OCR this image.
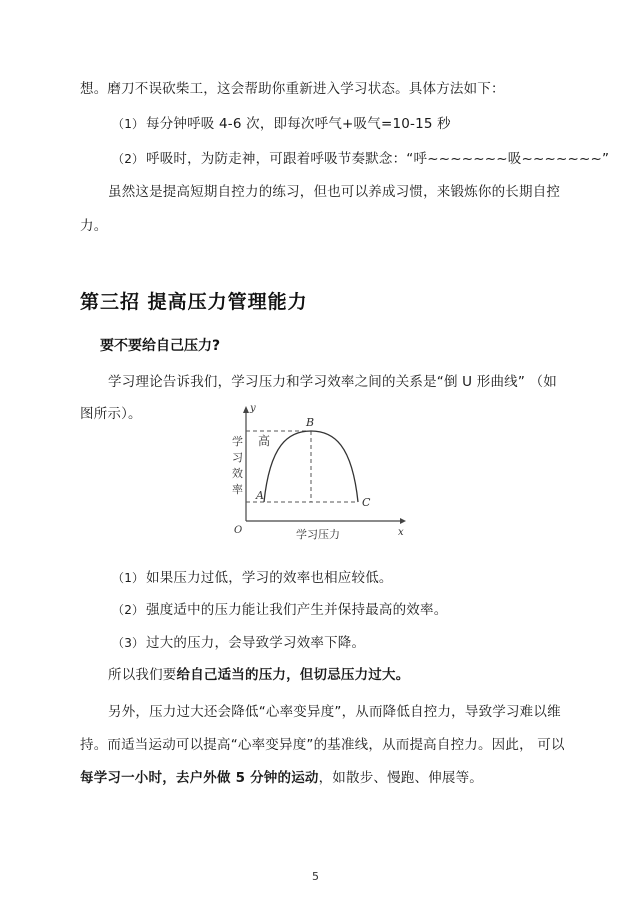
想。磨刀不误砍柴工，这会帮助你重新进入学习状态。具体方法如下：
（1） 每分钟呼吸 4-6 次，即每次呼气+吸气=10-15 秒
（2） 呼吸时，为防走神，可跟着呼吸节奏默念：“呼~~~~~~~吸~~~~~~~”
虽然这是提高短期自控力的练习，但也可以养成习惯，来锻炼你的长期自控
力。
第三招 提高压力管理能力
要不要给自己压力?
学习理论告诉我们，学习压力和学习效率之间的关系是“倒 U 形曲线” （如
图所示）。	y
x
O
B
A
C
高
学
习
效
率
学习压力
（1） 如果压力过低，学习的效率也相应较低。
（2） 强度适中的压力能让我们产生并保持最高的效率。
（3） 过大的压力，会导致学习效率下降。
所以我们要给自己适当的压力，但切忌压力过大。
另外，压力过大还会降低“心率变异度”，从而降低自控力，导致学习难以维
持。而适当运动可以提高“心率变异度”的基准线，从而提高自控力。因此， 可以
每学习一小时，去户外做 5 分钟的运动，如散步、慢跑、伸展等。
5
